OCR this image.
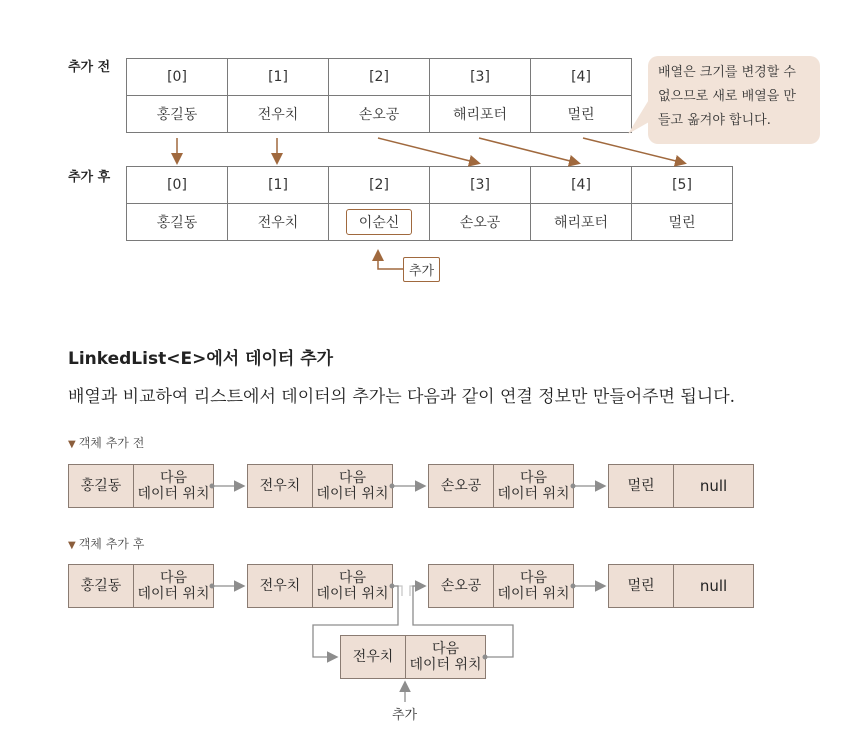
추가 전
[0]	[1]	[2]	[3]	[4]
홍길동	전우치	손오공	해리포터	멀린
배열은 크기를 변경할 수
없으므로 새로 배열을 만
들고 옮겨야 합니다.
추가 후	[0]	[1]	[2]	[3]	[4]	[5]
홍길동	전우치	이순신	손오공	해리포터	멀린
추가
LinkedList<E>에서 데이터 추가
배열과 비교하여 리스트에서 데이터의 추가는 다음과 같이 연결 정보만 만들어주면 됩니다.
▼ 객체 추가 전
홍길동	다음
데이터 위치	전우치	다음
데이터 위치	손오공	다음
데이터 위치	멀린	null
▼ 객체 추가 후
홍길동	다음
데이터 위치	전우치	다음
데이터 위치	손오공	다음
데이터 위치	멀린	null
전우치	다음
데이터 위치
추가
